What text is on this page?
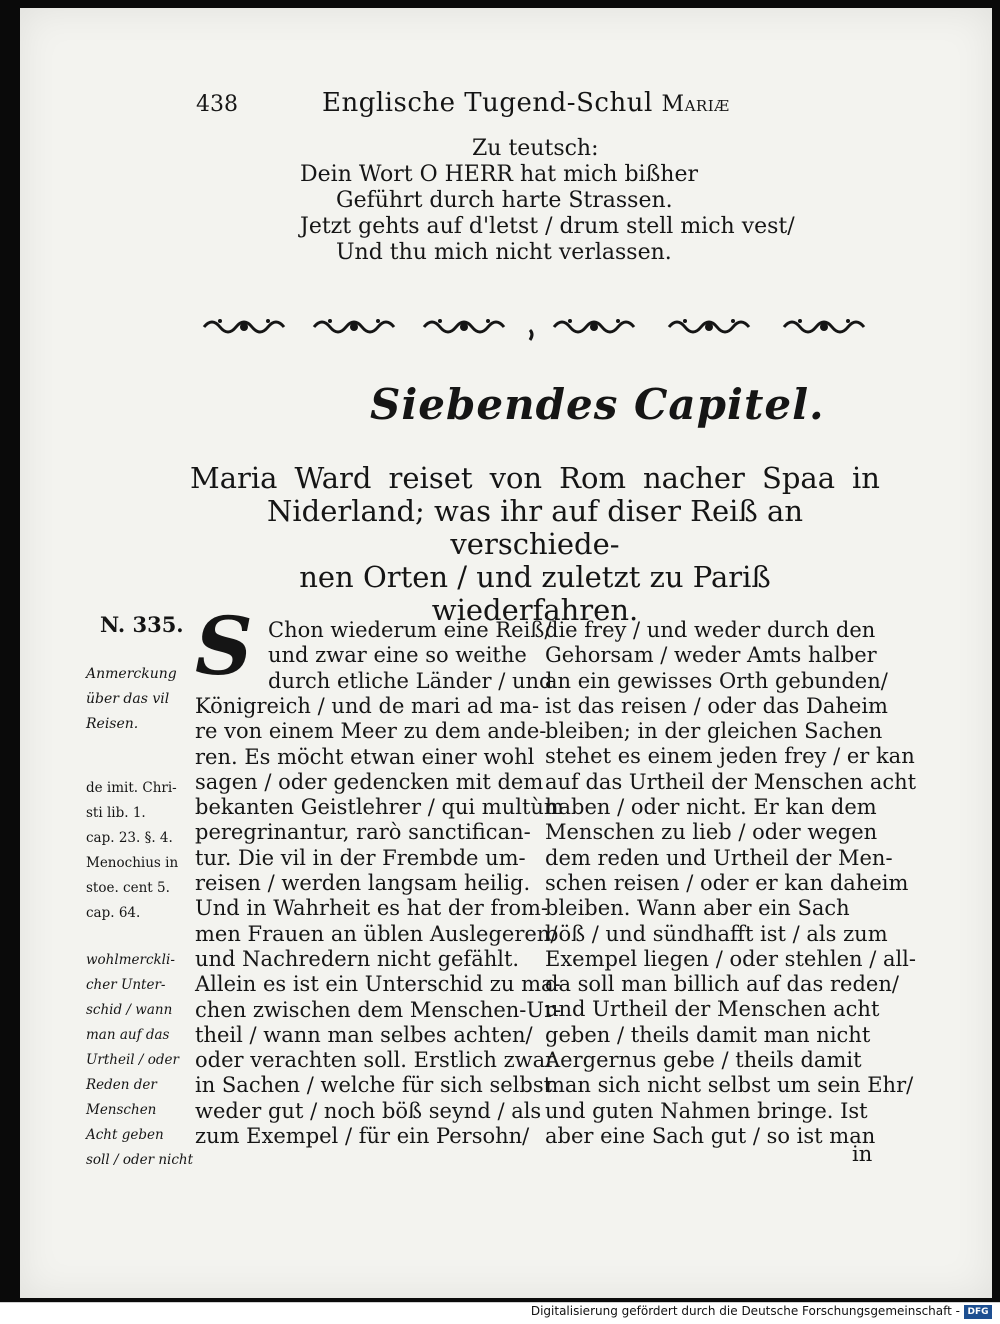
438	Englische Tugend-Schul Mariæ
Zu teutsch:
Dein Wort O HERR hat mich bißher
Geführt durch harte Strassen.
Jetzt gehts auf d'letst / drum stell mich vest/
Und thu mich nicht verlassen.
Siebendes Capitel.
Maria Ward reiset von Rom nacher Spaa in
Niderland; was ihr auf diser Reiß an verschiede-
nen Orten / und zuletzt zu Pariß
wiederfahren.
N. 335.
Anmerckung
über das vil
Reisen.
de imit. Chri-
sti lib. 1.
cap. 23. §. 4.
Menochius in
stoe. cent 5.
cap. 64.
wohlmerckli-
cher Unter-
schid / wann
man auf das
Urtheil / oder
Reden der
Menschen
Acht geben
soll / oder nicht
S Chon wiederum eine Reiß/
und zwar eine so weithe
durch etliche Länder / und
Königreich / und de mari ad ma-
re von einem Meer zu dem ande-
ren. Es möcht etwan einer wohl
sagen / oder gedencken mit dem
bekanten Geistlehrer / qui multùm
peregrinantur, rarò sanctifican-
tur. Die vil in der Frembde um-
reisen / werden langsam heilig.
Und in Wahrheit es hat der from-
men Frauen an üblen Auslegeren/
und Nachredern nicht gefählt.
Allein es ist ein Unterschid zu ma-
chen zwischen dem Menschen-Ur-
theil / wann man selbes achten/
oder verachten soll. Erstlich zwar
in Sachen / welche für sich selbst
weder gut / noch böß seynd / als
zum Exempel / für ein Persohn/
die frey / und weder durch den
Gehorsam / weder Amts halber
an ein gewisses Orth gebunden/
ist das reisen / oder das Daheim
bleiben; in der gleichen Sachen
stehet es einem jeden frey / er kan
auf das Urtheil der Menschen acht
haben / oder nicht. Er kan dem
Menschen zu lieb / oder wegen
dem reden und Urtheil der Men-
schen reisen / oder er kan daheim
bleiben. Wann aber ein Sach
böß / und sündhafft ist / als zum
Exempel liegen / oder stehlen / all-
da soll man billich auf das reden/
und Urtheil der Menschen acht
geben / theils damit man nicht
Aergernus gebe / theils damit
man sich nicht selbst um sein Ehr/
und guten Nahmen bringe. Ist
aber eine Sach gut / so ist man
in
Digitalisierung gefördert durch die Deutsche Forschungsgemeinschaft - DFG
